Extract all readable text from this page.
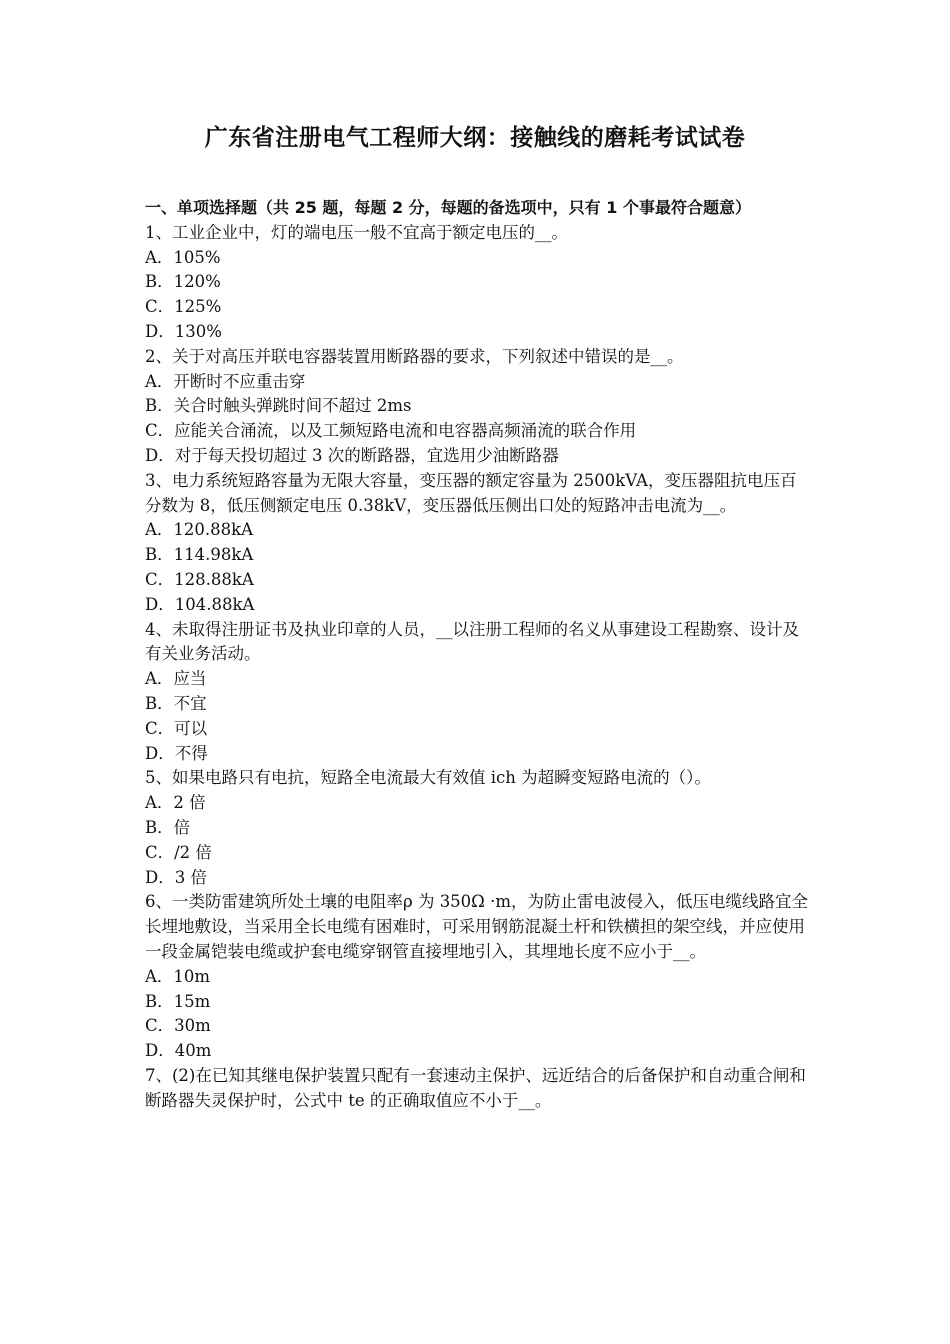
广东省注册电气工程师大纲：接触线的磨耗考试试卷

一、单项选择题（共 25 题，每题 2 分，每题的备选项中，只有 1 个事最符合题意）

1、工业企业中，灯的端电压一般不宜高于额定电压的__。

A．105%
B．120%
C．125%
D．130%

2、关于对高压并联电容器装置用断路器的要求，下列叙述中错误的是__。

A．开断时不应重击穿
B．关合时触头弹跳时间不超过 2ms
C．应能关合涌流，以及工频短路电流和电容器高频涌流的联合作用
D．对于每天投切超过 3 次的断路器，宜选用少油断路器

3、电力系统短路容量为无限大容量，变压器的额定容量为 2500kVA，变压器阻抗电压百分数为 8，低压侧额定电压 0.38kV，变压器低压侧出口处的短路冲击电流为__。

A．120.88kA
B．114.98kA
C．128.88kA
D．104.88kA

4、未取得注册证书及执业印章的人员，__以注册工程师的名义从事建设工程勘察、设计及有关业务活动。

A．应当
B．不宜
C．可以
D．不得

5、如果电路只有电抗，短路全电流最大有效值 ich 为超瞬变短路电流的（）。

A．2 倍
B．倍
C．/2 倍
D．3 倍

6、一类防雷建筑所处土壤的电阻率ρ 为 350Ω ·m，为防止雷电波侵入，低压电缆线路宜全长埋地敷设，当采用全长电缆有困难时，可采用钢筋混凝土杆和铁横担的架空线，并应使用一段金属铠装电缆或护套电缆穿钢管直接埋地引入，其埋地长度不应小于__。

A．10m
B．15m
C．30m
D．40m

7、(2)在已知其继电保护装置只配有一套速动主保护、远近结合的后备保护和自动重合闸和断路器失灵保护时，公式中 te 的正确取值应不小于__。
